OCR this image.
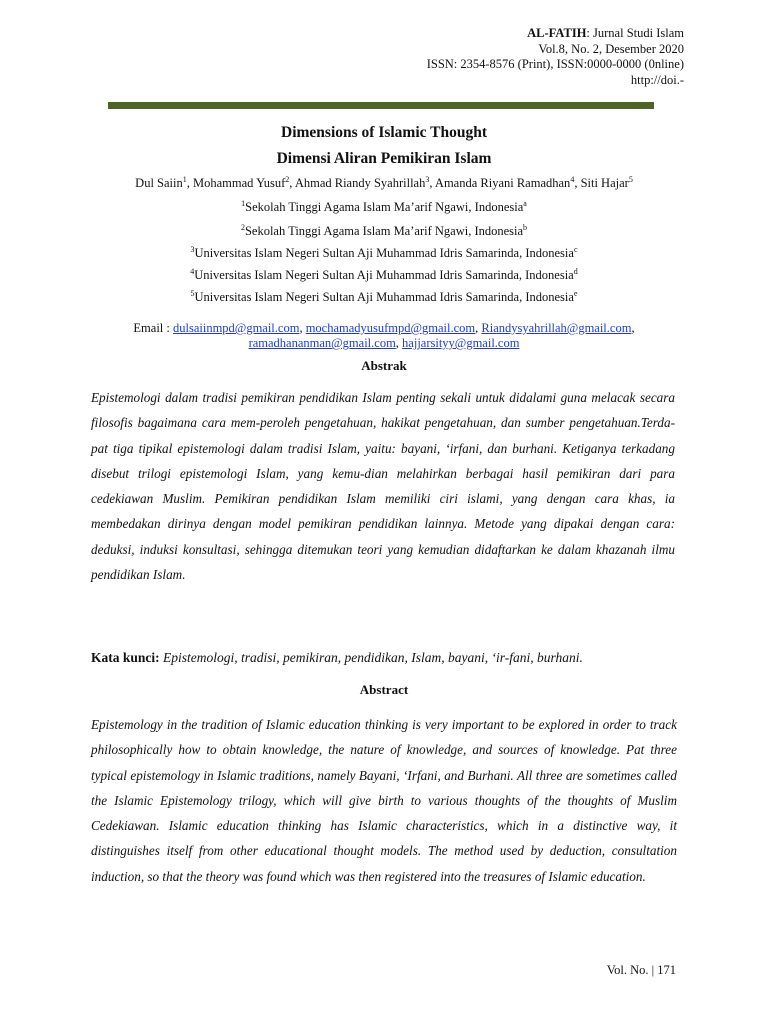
AL-FATIH: Jurnal Studi Islam
Vol.8, No. 2, Desember 2020
ISSN: 2354-8576 (Print), ISSN:0000-0000 (0nline)
http://doi.-
Dimensions of Islamic Thought
Dimensi Aliran Pemikiran Islam
Dul Saiin$^1$, Mohammad Yusuf$^2$, Ahmad Riandy Syahrillah$^3$, Amanda Riyani Ramadhan$^4$, Siti Hajar$^5$
$^1$Sekolah Tinggi Agama Islam Ma’arif Ngawi, Indonesia$^a$
$^2$Sekolah Tinggi Agama Islam Ma’arif Ngawi, Indonesia$^b$
$^3$Universitas Islam Negeri Sultan Aji Muhammad Idris Samarinda, Indonesia$^c$
$^4$Universitas Islam Negeri Sultan Aji Muhammad Idris Samarinda, Indonesia$^d$
$^5$Universitas Islam Negeri Sultan Aji Muhammad Idris Samarinda, Indonesia$^e$
Email : dulsaiinmpd@gmail.com, mochamadyusufmpd@gmail.com, Riandysyahrillah@gmail.com,
ramadhananman@gmail.com, hajjarsityy@gmail.com
Abstrak
Epistemologi dalam tradisi pemikiran pendidikan Islam penting sekali untuk didalami guna melacak secara filosofis bagaimana cara mem-peroleh pengetahuan, hakikat pengetahuan, dan sumber pengetahuan.Terda-pat tiga tipikal epistemologi dalam tradisi Islam, yaitu: bayani, ‘irfani, dan burhani. Ketiganya terkadang disebut trilogi epistemologi Islam, yang kemu-dian melahirkan berbagai hasil pemikiran dari para cedekiawan Muslim. Pemikiran pendidikan Islam memiliki ciri islami, yang dengan cara khas, ia membedakan dirinya dengan model pemikiran pendidikan lainnya. Metode yang dipakai dengan cara: deduksi, induksi konsultasi, sehingga ditemukan teori yang kemudian didaftarkan ke dalam khazanah ilmu pendidikan Islam.
Kata kunci: Epistemologi, tradisi, pemikiran, pendidikan, Islam, bayani, ‘ir-fani, burhani.
Abstract
Epistemology in the tradition of Islamic education thinking is very important to be explored in order to track philosophically how to obtain knowledge, the nature of knowledge, and sources of knowledge. Pat three typical epistemology in Islamic traditions, namely Bayani, ‘Irfani, and Burhani. All three are sometimes called the Islamic Epistemology trilogy, which will give birth to various thoughts of the thoughts of Muslim Cedekiawan. Islamic education thinking has Islamic characteristics, which in a distinctive way, it distinguishes itself from other educational thought models. The method used by deduction, consultation induction, so that the theory was found which was then registered into the treasures of Islamic education.
Vol. No. | 171
